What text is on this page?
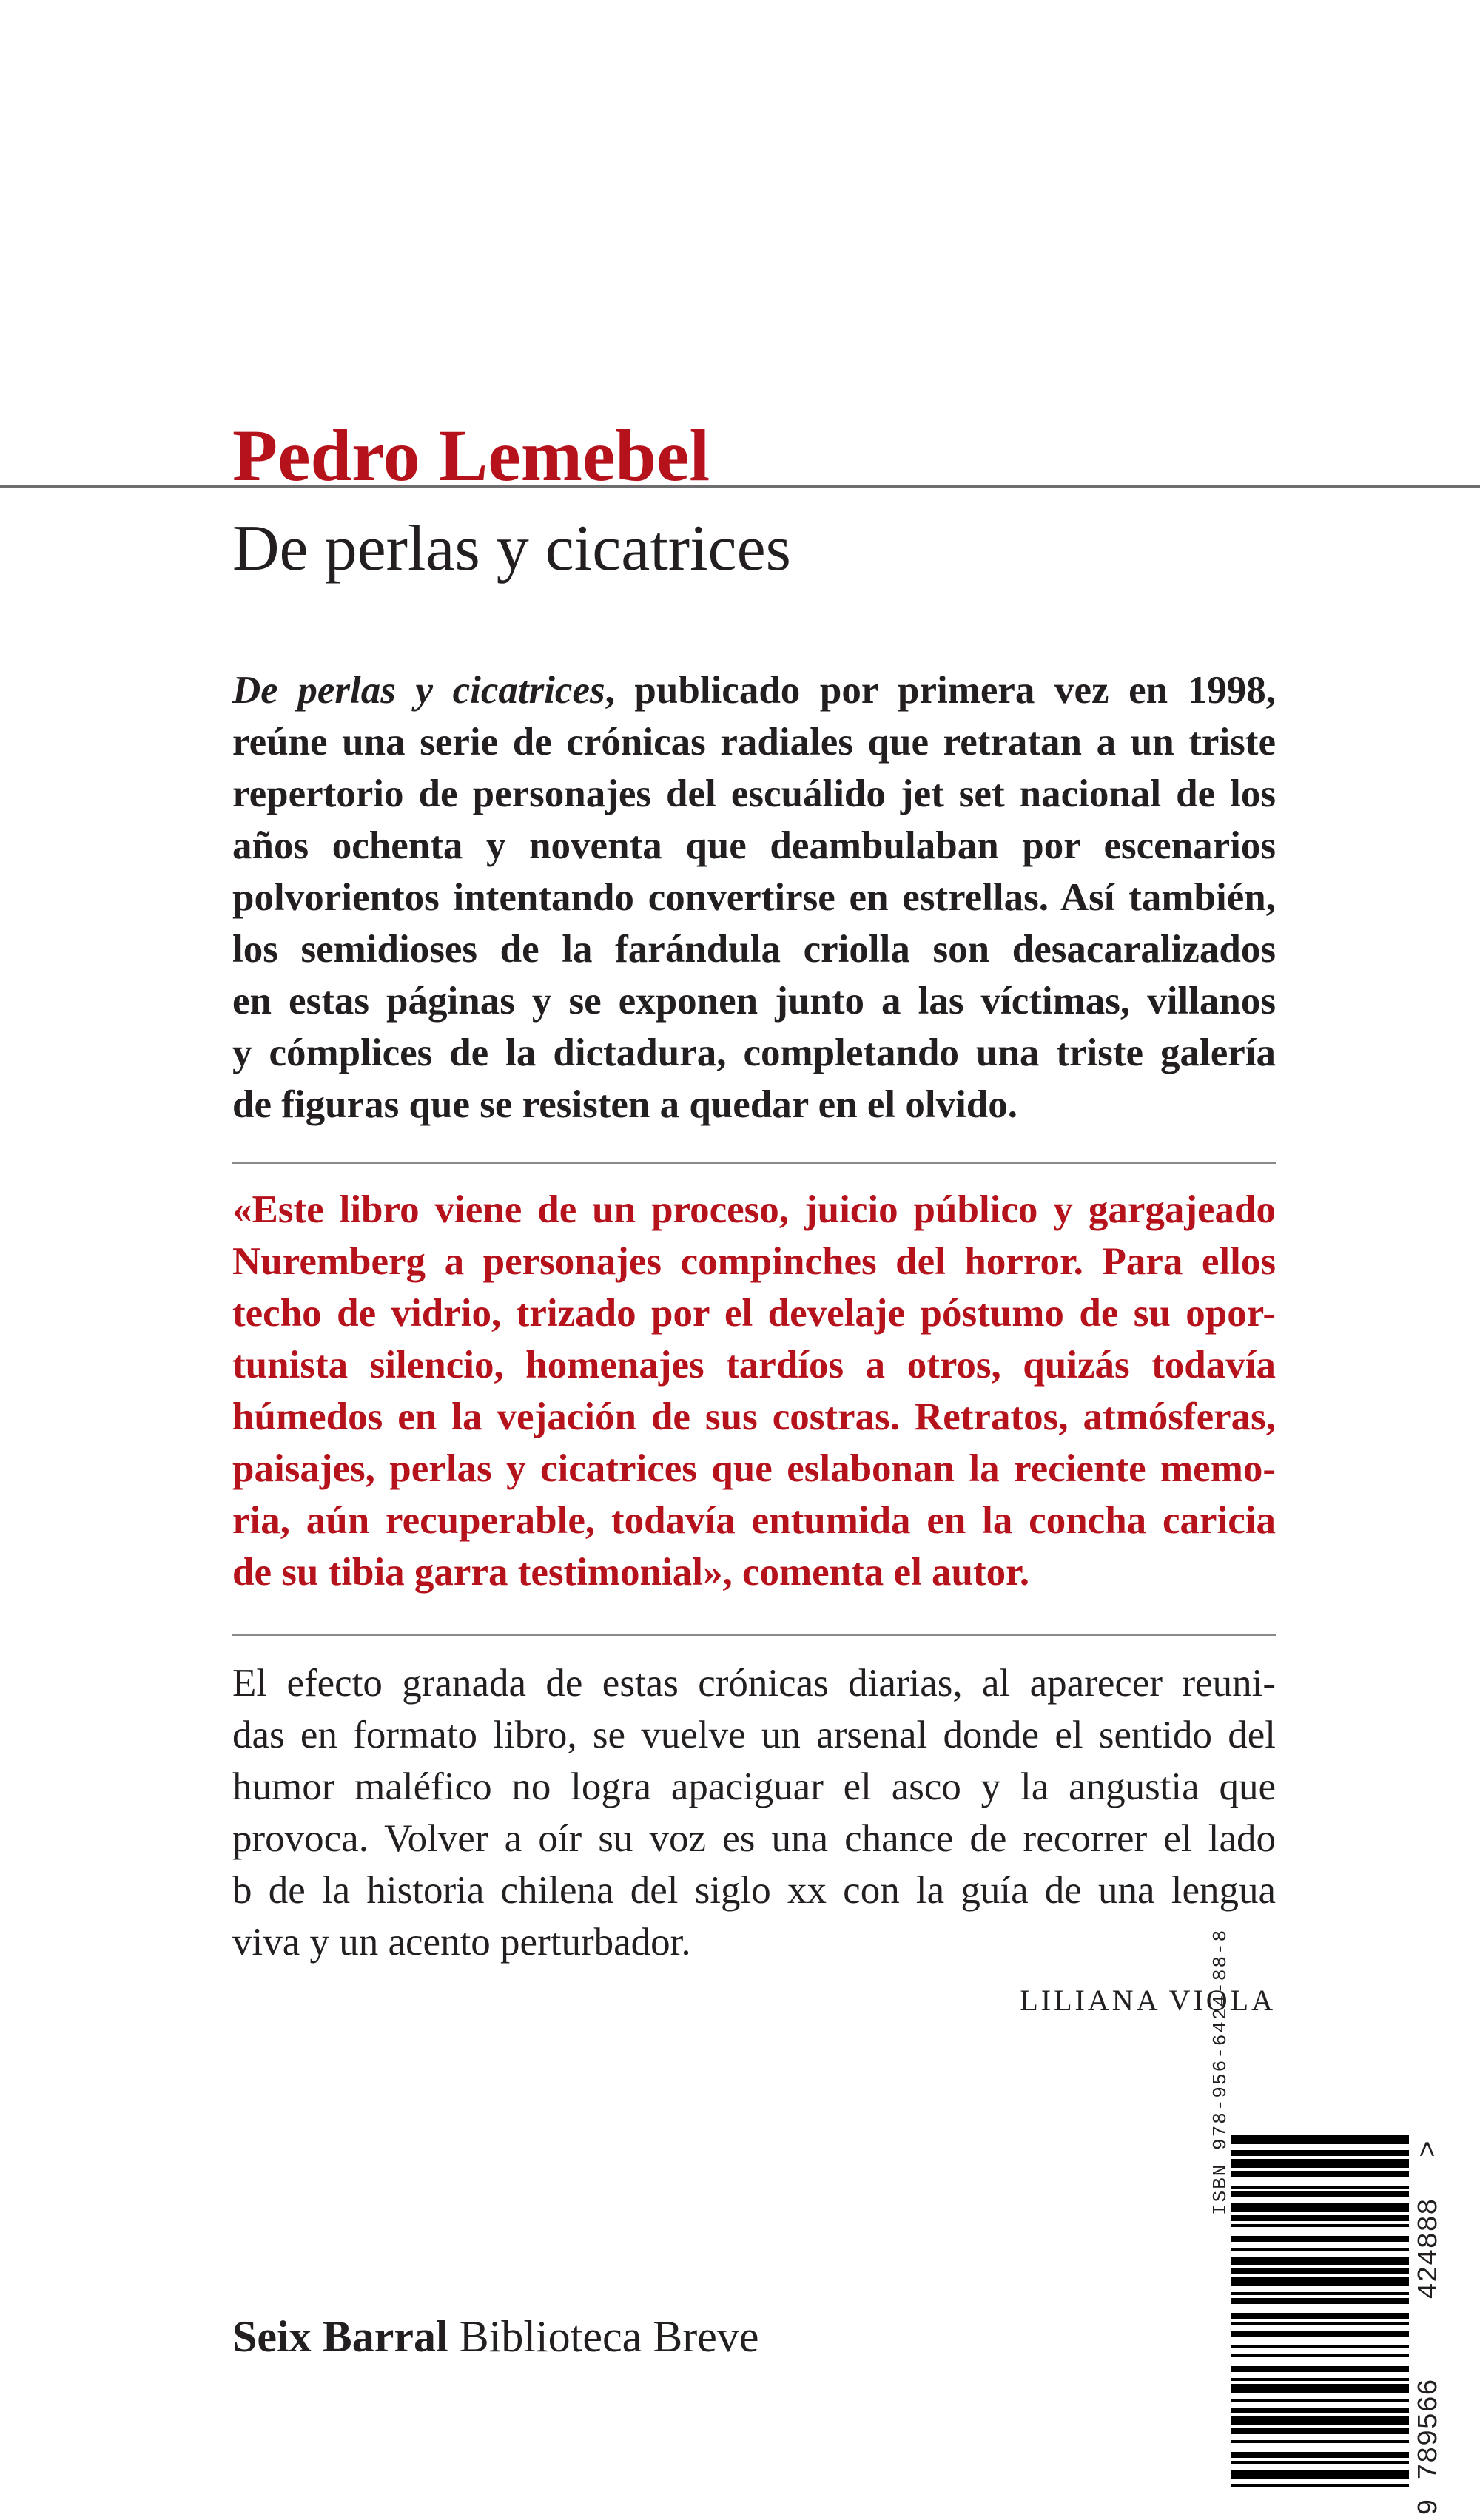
Pedro Lemebel
De perlas y cicatrices
De perlas y cicatrices, publicado por primera vez en 1998,
reúne una serie de crónicas radiales que retratan a un triste
repertorio de personajes del escuálido jet set nacional de los
años ochenta y noventa que deambulaban por escenarios
polvorientos intentando convertirse en estrellas. Así también,
los semidioses de la farándula criolla son desacaralizados
en estas páginas y se exponen junto a las víctimas, villanos
y cómplices de la dictadura, completando una triste galería
de figuras que se resisten a quedar en el olvido.
«Este libro viene de un proceso, juicio público y gargajeado
Nuremberg a personajes compinches del horror. Para ellos
techo de vidrio, trizado por el develaje póstumo de su opor-
tunista silencio, homenajes tardíos a otros, quizás todavía
húmedos en la vejación de sus costras. Retratos, atmósferas,
paisajes, perlas y cicatrices que eslabonan la reciente memo-
ria, aún recuperable, todavía entumida en la concha caricia
de su tibia garra testimonial», comenta el autor.
El efecto granada de estas crónicas diarias, al aparecer reuni-
das en formato libro, se vuelve un arsenal donde el sentido del
humor maléfico no logra apaciguar el asco y la angustia que
provoca. Volver a oír su voz es una chance de recorrer el lado
b de la historia chilena del siglo xx con la guía de una lengua
viva y un acento perturbador.
LILIANA VIOLA
Seix Barral Biblioteca Breve
ISBN 978-956-6424-88-8
9
789566
424888
>
